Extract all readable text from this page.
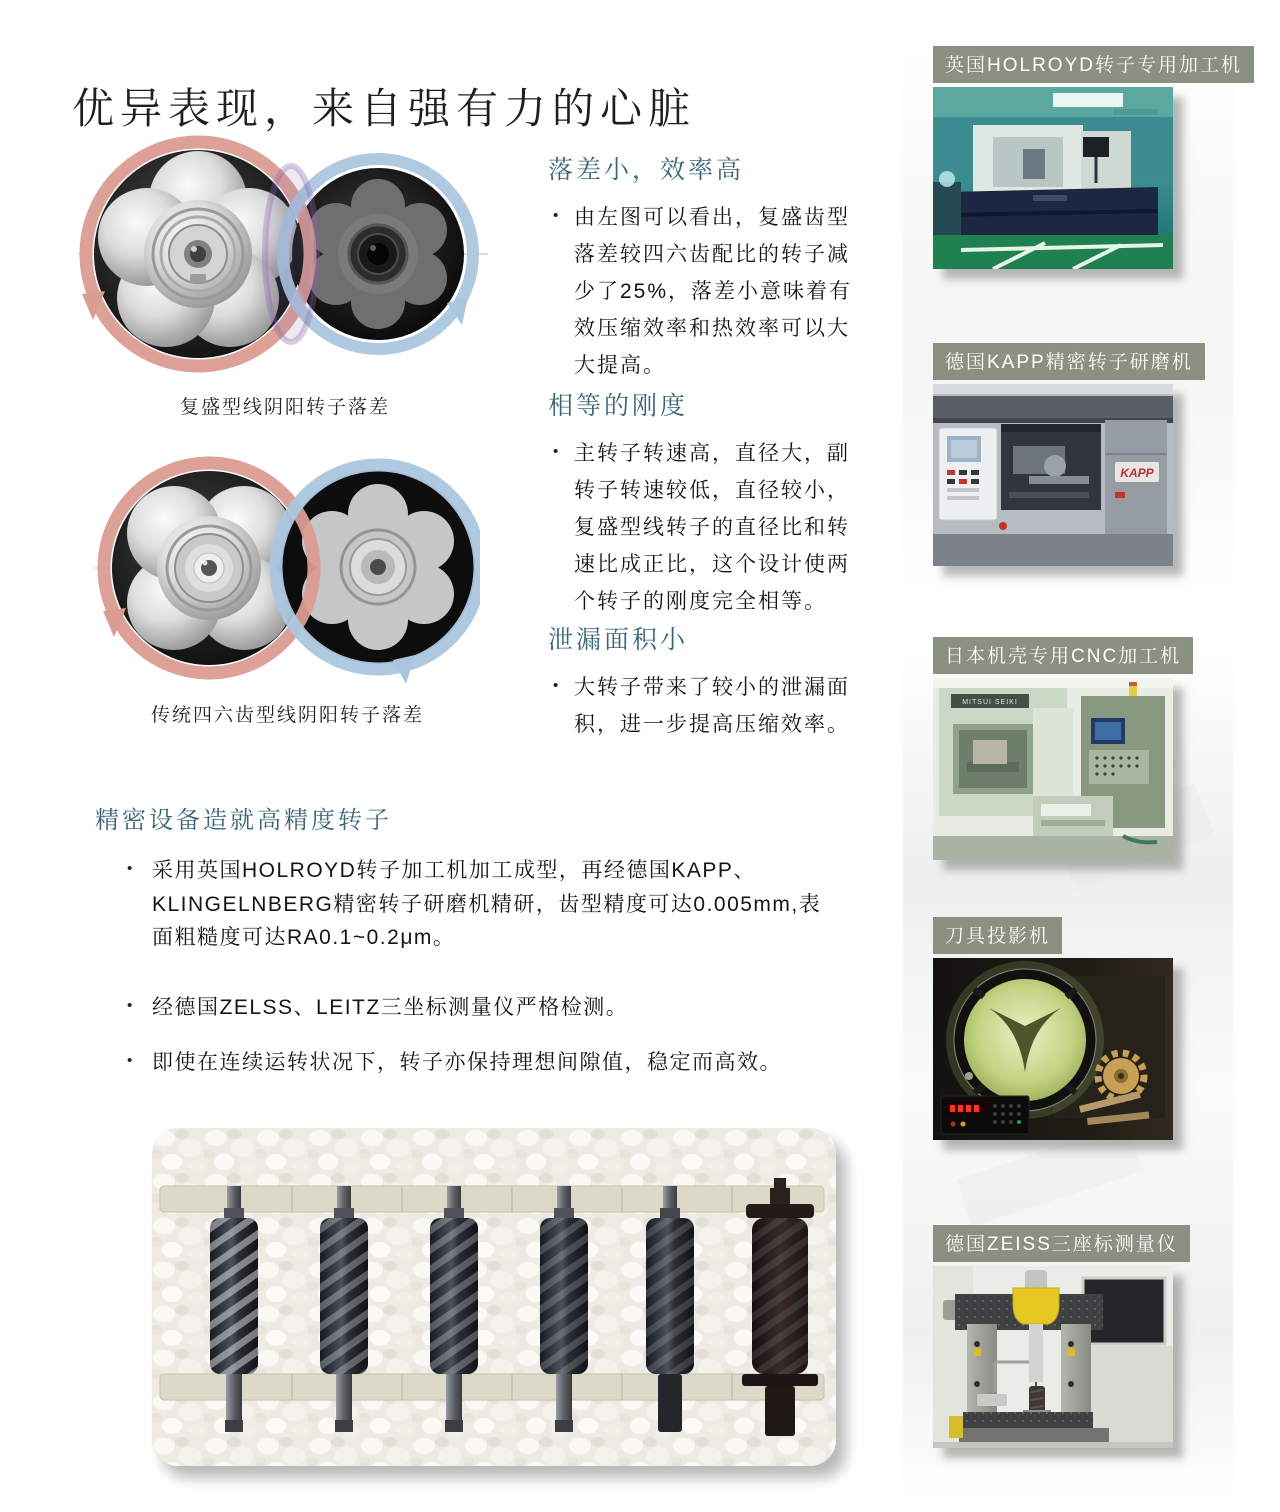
优异表现，来自强有力的心脏
复盛型线阴阳转子落差
传统四六齿型线阴阳转子落差
落差小，效率高

• 由左图可以看出，复盛齿型落差较四六齿配比的转子减少了25%，落差小意味着有效压缩效率和热效率可以大大提高。

相等的刚度

• 主转子转速高，直径大，副转子转速较低，直径较小，复盛型线转子的直径比和转速比成正比，这个设计使两个转子的刚度完全相等。

泄漏面积小

• 大转子带来了较小的泄漏面积，进一步提高压缩效率。

精密设备造就高精度转子
• 采用英国HOLROYD转子加工机加工成型，再经德国KAPP、KLINGELNBERG精密转子研磨机精研，齿型精度可达0.005mm,表面粗糙度可达RA0.1~0.2μm。
• 经德国ZELSS、LEITZ三坐标测量仪严格检测。
• 即使在连续运转状况下，转子亦保持理想间隙值，稳定而高效。
英国HOLROYD转子专用加工机
德国KAPP精密转子研磨机
KAPP
日本机壳专用CNC加工机
MITSUI SEIKI
刀具投影机
德国ZEISS三座标测量仪
